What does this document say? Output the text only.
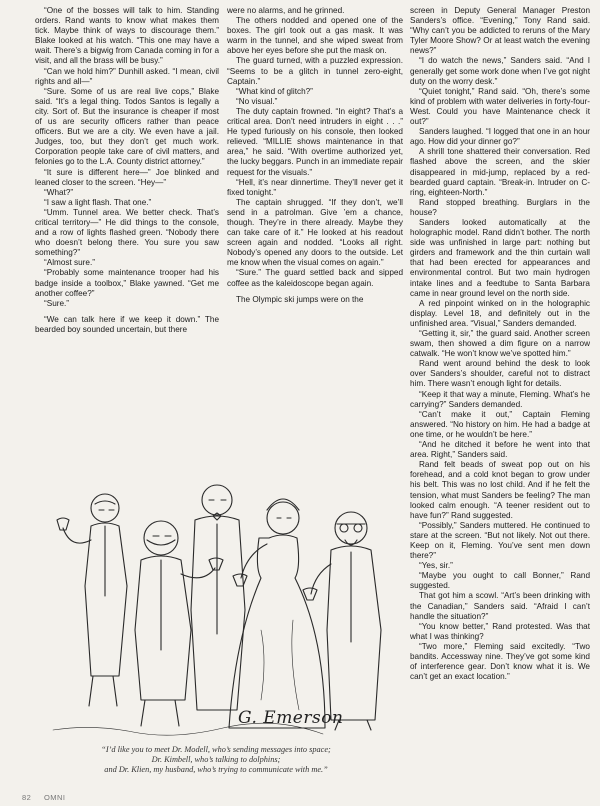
“One of the bosses will talk to him. Standing orders. Rand wants to know what makes them tick. Maybe think of ways to discourage them.” Blake looked at his watch. “This one may have a wait. There’s a bigwig from Canada coming in for a visit, and all the brass will be busy.”

“Can we hold him?” Dunhill asked. “I mean, civil rights and all—”

“Sure. Some of us are real live cops,” Blake said. “It’s a legal thing. Todos Santos is legally a city. Sort of. But the insurance is cheaper if most of us are security officers rather than peace officers. But we are a city. We even have a jail. Judges, too, but they don’t get much work. Corporation people take care of civil matters, and felonies go to the L.A. County district attorney.”

“It sure is different here—” Joe blinked and leaned closer to the screen. “Hey—”

“What?”

“I saw a light flash. That one.”

“Umm. Tunnel area. We better check. That’s critical territory—” He did things to the console, and a row of lights flashed green. “Nobody there who doesn’t belong there. You sure you saw something?”

“Almost sure.”

“Probably some maintenance trooper had his badge inside a toolbox,” Blake yawned. “Get me another coffee?”

“Sure.”

“We can talk here if we keep it down.” The bearded boy sounded uncertain, but there

were no alarms, and he grinned.

The others nodded and opened one of the boxes. The girl took out a gas mask. It was warm in the tunnel, and she wiped sweat from above her eyes before she put the mask on.

The guard turned, with a puzzled expression. “Seems to be a glitch in tunnel zero-eight, Captain.”

“What kind of glitch?”

“No visual.”

The duty captain frowned. “In eight? That’s a critical area. Don’t need intruders in eight . . .” He typed furiously on his console, then looked relieved. “MILLIE shows maintenance in that area,” he said. “With overtime authorized yet, the lucky beggars. Punch in an immediate repair request for the visuals.”

“Hell, it’s near dinnertime. They’ll never get it fixed tonight.”

The captain shrugged. “If they don’t, we’ll send in a patrolman. Give ’em a chance, though. They’re in there already. Maybe they can take care of it.” He looked at his readout screen again and nodded. “Looks all right. Nobody’s opened any doors to the outside. Let me know when the visual comes on again.”

“Sure.” The guard settled back and sipped coffee as the kaleidoscope began again.

The Olympic ski jumps were on the

screen in Deputy General Manager Preston Sanders’s office. “Evening,” Tony Rand said. “Why can’t you be addicted to reruns of the Mary Tyler Moore Show? Or at least watch the evening news?”

“I do watch the news,” Sanders said. “And I generally get some work done when I’ve got night duty on the worry desk.”

“Quiet tonight,” Rand said. “Oh, there’s some kind of problem with water deliveries in forty-four-West. Could you have Maintenance check it out?”

Sanders laughed. “I logged that one in an hour ago. How did your dinner go?”

A shrill tone shattered their conversation. Red flashed above the screen, and the skier disappeared in mid-jump, replaced by a red-bearded guard captain. “Break-in. Intruder on C-ring, eighteen-North.”

Rand stopped breathing. Burglars in the house?

Sanders looked automatically at the holographic model. Rand didn’t bother. The north side was unfinished in large part: nothing but girders and framework and the thin curtain wall that had been erected for appearances and environmental control. But two main hydrogen intake lines and a feedtube to Santa Barbara came in near ground level on the north side.

A red pinpoint winked on in the holographic display. Level 18, and definitely out in the unfinished area. “Visual,” Sanders demanded.

“Getting it, sir,” the guard said. Another screen swam, then showed a dim figure on a narrow catwalk. “He won’t know we’ve spotted him.”

Rand went around behind the desk to look over Sanders’s shoulder, careful not to distract him. There wasn’t enough light for details.

“Keep it that way a minute, Fleming. What’s he carrying?” Sanders demanded.

“Can’t make it out,” Captain Fleming answered. “No history on him. He had a badge at one time, or he wouldn’t be here.”

“And he ditched it before he went into that area. Right,” Sanders said.

Rand felt beads of sweat pop out on his forehead, and a cold knot began to grow under his belt. This was no lost child. And if he felt the tension, what must Sanders be feeling? The man looked calm enough. “A teener resident out to have fun?” Rand suggested.

“Possibly,” Sanders muttered. He continued to stare at the screen. “But not likely. Not out there. Keep on it, Fleming. You’ve sent men down there?”

“Yes, sir.”

“Maybe you ought to call Bonner,” Rand suggested.

That got him a scowl. “Art’s been drinking with the Canadian,” Sanders said. “Afraid I can’t handle the situation?”

“You know better,” Rand protested. Was that what I was thinking?

“Two more,” Fleming said excitedly. “Two bandits. Accessway nine. They’ve got some kind of interference gear. Don’t know what it is. We can’t get an exact location.”

G. Emerson
“I’d like you to meet Dr. Modell, who’s sending messages into space;
Dr. Kimbell, who’s talking to dolphins;
and Dr. Klien, my husband, who’s trying to communicate with me.”
82 OMNI
